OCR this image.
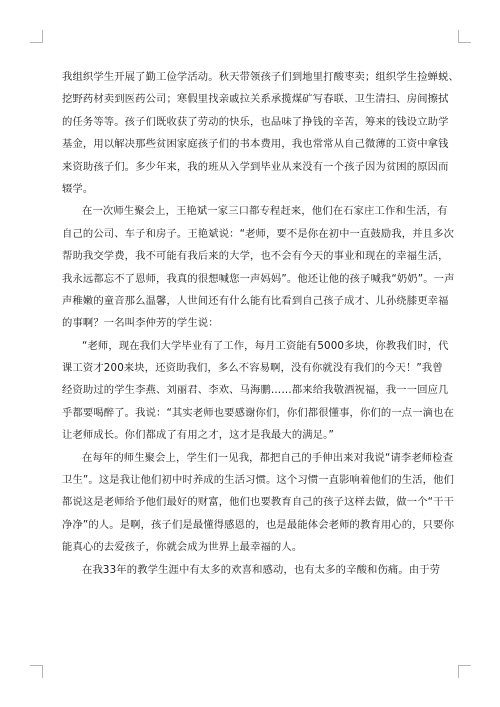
我组织学生开展了勤工俭学活动。秋天带领孩子们到地里打酸枣卖；组织学生捡蝉蜕、
挖野药材卖到医药公司；寒假里找亲戚拉关系承揽煤矿写春联、卫生清扫、房间擦拭
的任务等等。孩子们既收获了劳动的快乐，也品味了挣钱的辛苦，筹来的钱设立助学
基金，用以解决那些贫困家庭孩子们的书本费用，我也常常从自己微薄的工资中拿钱
来资助孩子们。多少年来，我的班从入学到毕业从来没有一个孩子因为贫困的原因而
辍学。
在一次师生聚会上，王艳斌一家三口都专程赶来，他们在石家庄工作和生活，有
自己的公司、车子和房子。王艳斌说：“老师，要不是你在初中一直鼓励我，并且多次
帮助我交学费，我不可能有我后来的大学，也不会有今天的事业和现在的幸福生活，
我永远都忘不了恩师，我真的很想喊您一声妈妈”。他还让他的孩子喊我“奶奶”。一声
声稚嫩的童音那么温馨，人世间还有什么能有比看到自己孩子成才、儿孙绕膝更幸福
的事啊？一名叫李仲芳的学生说：
“老师，现在我们大学毕业有了工作，每月工资能有5000多块，你教我们时，代
课工资才200来块，还资助我们，多么不容易啊，没有你就没有我们的今天！”我曾
经资助过的学生李燕、刘丽君、李欢、马海鹏……都来给我敬酒祝福，我一一回应几
乎都要喝醉了。我说：“其实老师也要感谢你们，你们都很懂事，你们的一点一滴也在
让老师成长。你们都成了有用之才，这才是我最大的满足。”
在每年的师生聚会上，学生们一见我，都把自己的手伸出来对我说“请李老师检查
卫生”。这是我让他们初中时养成的生活习惯。这个习惯一直影响着他们的生活，他们
都说这是老师给予他们最好的财富，他们也要教育自己的孩子这样去做，做一个“干干
净净”的人。是啊，孩子们是最懂得感恩的，也是最能体会老师的教育用心的，只要你
能真心的去爱孩子，你就会成为世界上最幸福的人。
在我33年的教学生涯中有太多的欢喜和感动，也有太多的辛酸和伤痛。由于劳
